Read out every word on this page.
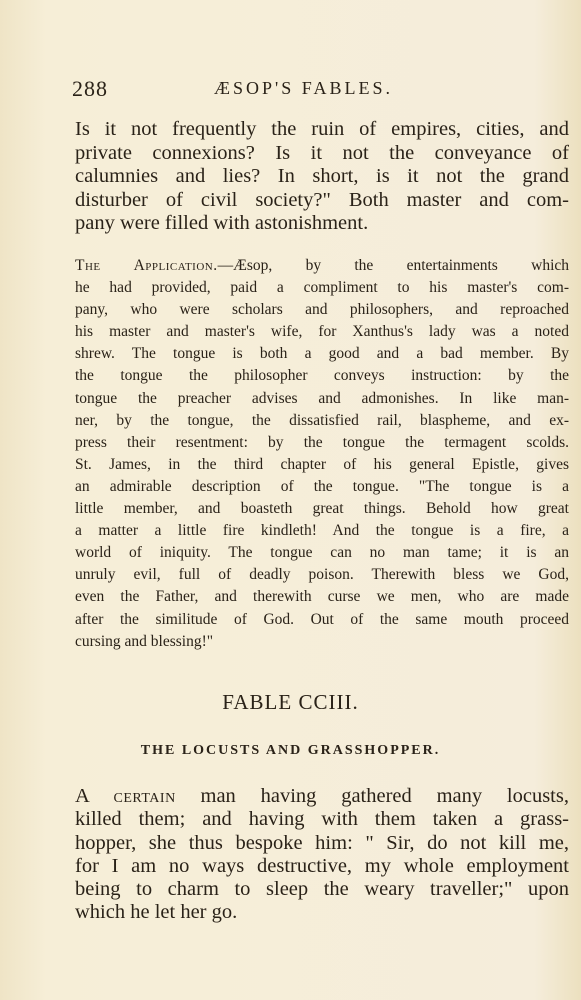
288	ÆSOP'S FABLES.
Is it not frequently the ruin of empires, cities, and
private connexions? Is it not the conveyance of
calumnies and lies? In short, is it not the grand
disturber of civil society?" Both master and com-
pany were filled with astonishment.
The Application.—Æsop, by the entertainments which
he had provided, paid a compliment to his master's com-
pany, who were scholars and philosophers, and reproached
his master and master's wife, for Xanthus's lady was a noted
shrew. The tongue is both a good and a bad member. By
the tongue the philosopher conveys instruction: by the
tongue the preacher advises and admonishes. In like man-
ner, by the tongue, the dissatisfied rail, blaspheme, and ex-
press their resentment: by the tongue the termagent scolds.
St. James, in the third chapter of his general Epistle, gives
an admirable description of the tongue. "The tongue is a
little member, and boasteth great things. Behold how great
a matter a little fire kindleth! And the tongue is a fire, a
world of iniquity. The tongue can no man tame; it is an
unruly evil, full of deadly poison. Therewith bless we God,
even the Father, and therewith curse we men, who are made
after the similitude of God. Out of the same mouth proceed
cursing and blessing!"
FABLE CCIII.
THE LOCUSTS AND GRASSHOPPER.
A certain man having gathered many locusts,
killed them; and having with them taken a grass-
hopper, she thus bespoke him: " Sir, do not kill me,
for I am no ways destructive, my whole employment
being to charm to sleep the weary traveller;" upon
which he let her go.
